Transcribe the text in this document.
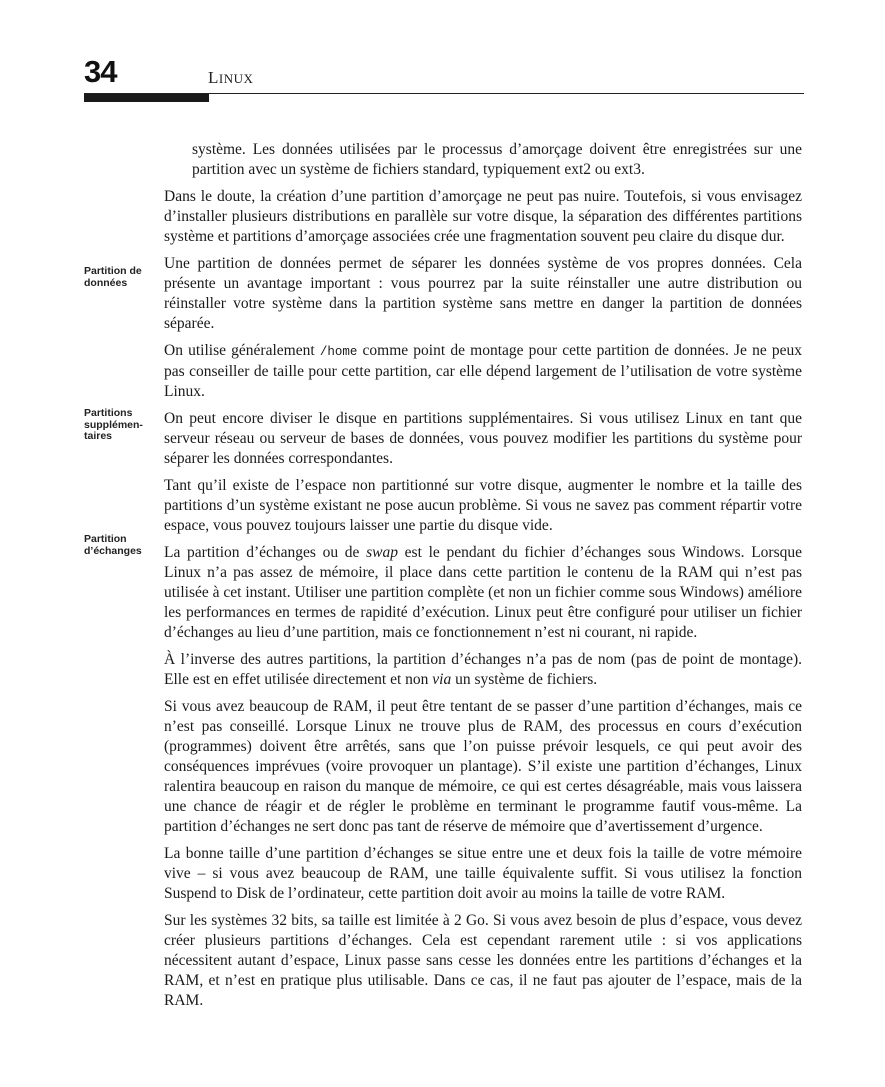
34	LINUX
Partition de données
Partitions supplémen-taires
Partition d’échanges

système. Les données utilisées par le processus d’amorçage doivent être enregistrées sur une partition avec un système de fichiers standard, typiquement ext2 ou ext3.

Dans le doute, la création d’une partition d’amorçage ne peut pas nuire. Toutefois, si vous envisagez d’installer plusieurs distributions en parallèle sur votre disque, la séparation des différentes partitions système et partitions d’amorçage associées crée une fragmentation souvent peu claire du disque dur.

Une partition de données permet de séparer les données système de vos propres données. Cela présente un avantage important : vous pourrez par la suite réinstaller une autre distribution ou réinstaller votre système dans la partition système sans mettre en danger la partition de données séparée.

On utilise généralement /home comme point de montage pour cette partition de données. Je ne peux pas conseiller de taille pour cette partition, car elle dépend largement de l’utilisation de votre système Linux.

On peut encore diviser le disque en partitions supplémentaires. Si vous utilisez Linux en tant que serveur réseau ou serveur de bases de données, vous pouvez modifier les partitions du système pour séparer les données correspondantes.

Tant qu’il existe de l’espace non partitionné sur votre disque, augmenter le nombre et la taille des partitions d’un système existant ne pose aucun problème. Si vous ne savez pas comment répartir votre espace, vous pouvez toujours laisser une partie du disque vide.

La partition d’échanges ou de swap est le pendant du fichier d’échanges sous Windows. Lorsque Linux n’a pas assez de mémoire, il place dans cette partition le contenu de la RAM qui n’est pas utilisée à cet instant. Utiliser une partition complète (et non un fichier comme sous Windows) améliore les performances en termes de rapidité d’exécution. Linux peut être configuré pour utiliser un fichier d’échanges au lieu d’une partition, mais ce fonctionnement n’est ni courant, ni rapide.

À l’inverse des autres partitions, la partition d’échanges n’a pas de nom (pas de point de montage). Elle est en effet utilisée directement et non via un système de fichiers.

Si vous avez beaucoup de RAM, il peut être tentant de se passer d’une partition d’échanges, mais ce n’est pas conseillé. Lorsque Linux ne trouve plus de RAM, des processus en cours d’exécution (programmes) doivent être arrêtés, sans que l’on puisse prévoir lesquels, ce qui peut avoir des conséquences imprévues (voire provoquer un plantage). S’il existe une partition d’échanges, Linux ralentira beaucoup en raison du manque de mémoire, ce qui est certes désagréable, mais vous laissera une chance de réagir et de régler le problème en terminant le programme fautif vous-même. La partition d’échanges ne sert donc pas tant de réserve de mémoire que d’avertissement d’urgence.

La bonne taille d’une partition d’échanges se situe entre une et deux fois la taille de votre mémoire vive – si vous avez beaucoup de RAM, une taille équivalente suffit. Si vous utilisez la fonction Suspend to Disk de l’ordinateur, cette partition doit avoir au moins la taille de votre RAM.

Sur les systèmes 32 bits, sa taille est limitée à 2 Go. Si vous avez besoin de plus d’espace, vous devez créer plusieurs partitions d’échanges. Cela est cependant rarement utile : si vos applications nécessitent autant d’espace, Linux passe sans cesse les données entre les partitions d’échanges et la RAM, et n’est en pratique plus utilisable. Dans ce cas, il ne faut pas ajouter de l’espace, mais de la RAM.
